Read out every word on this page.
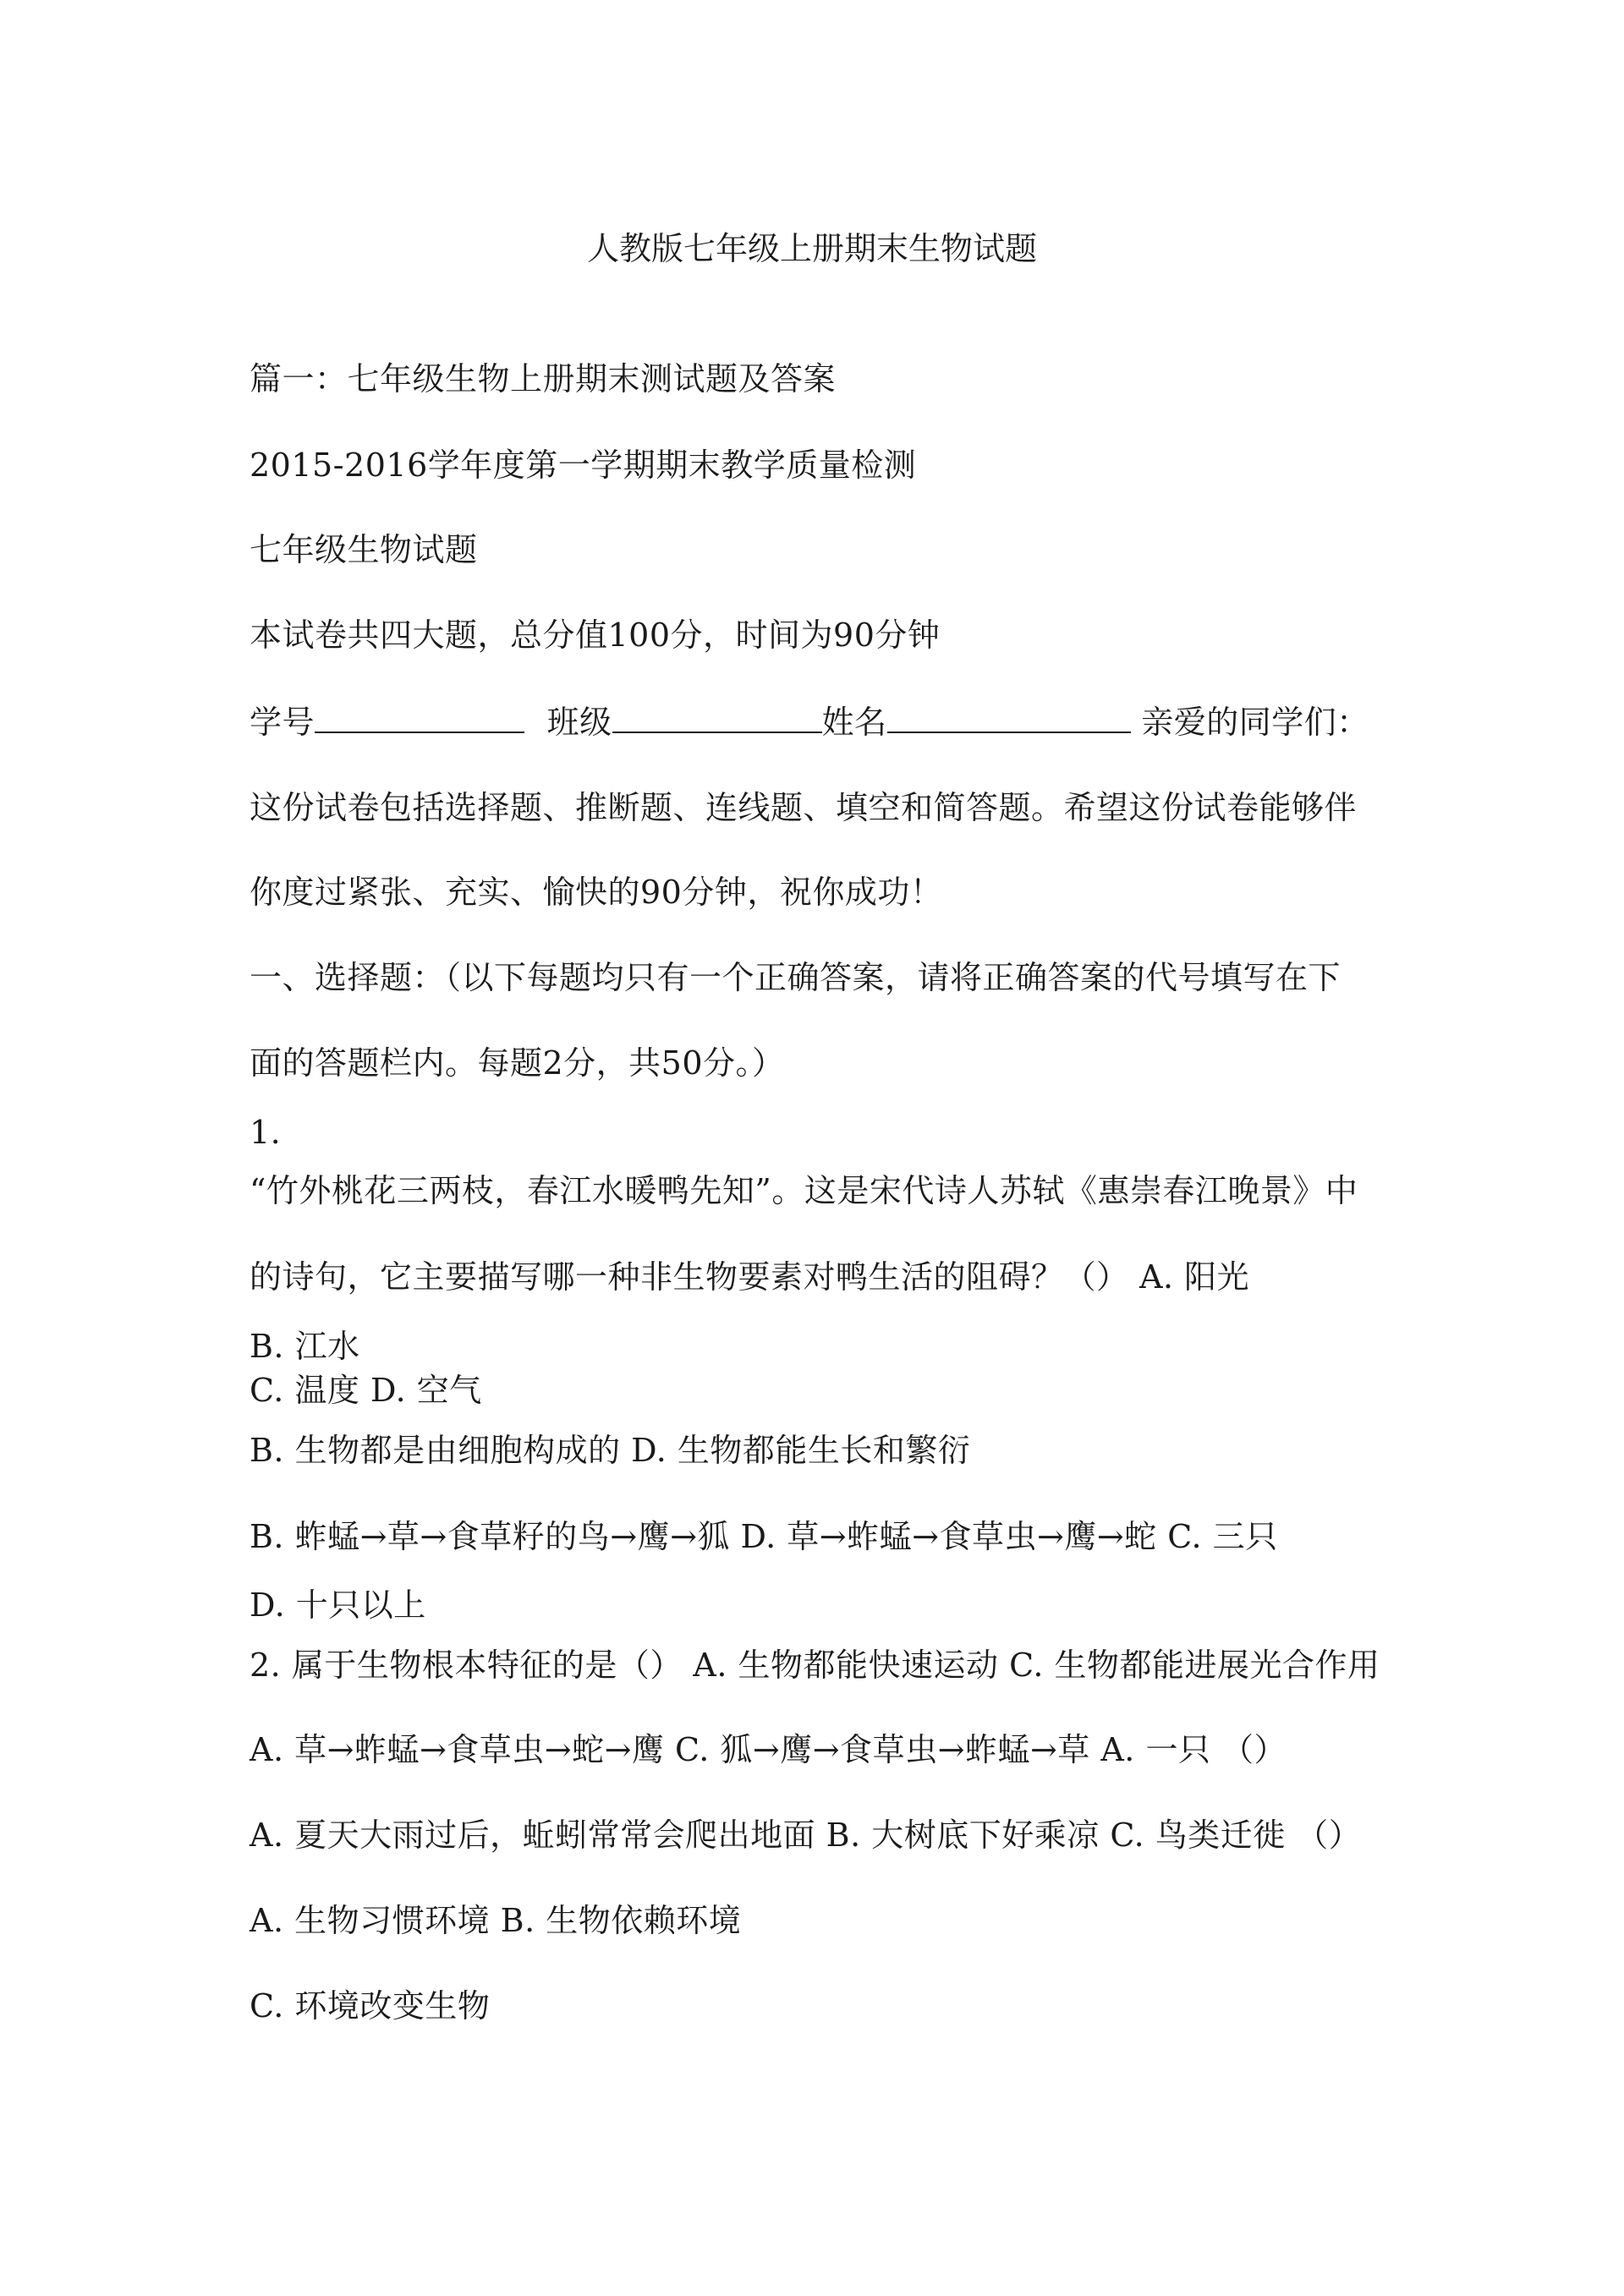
人教版七年级上册期末生物试题
篇一：七年级生物上册期末测试题及答案
2015-2016学年度第一学期期末教学质量检测
七年级生物试题
本试卷共四大题，总分值100分，时间为90分钟
学号	班级	姓名	亲爱的同学们：
这份试卷包括选择题、推断题、连线题、填空和简答题。希望这份试卷能够伴
你度过紧张、充实、愉快的90分钟，祝你成功！
一、选择题：（以下每题均只有一个正确答案，请将正确答案的代号填写在下
面的答题栏内。每题2分，共50分。）
1.
“竹外桃花三两枝，春江水暖鸭先知”。这是宋代诗人苏轼《惠崇春江晚景》中
的诗句，它主要描写哪一种非生物要素对鸭生活的阻碍？（） A. 阳光
B. 江水
C. 温度 D. 空气
B. 生物都是由细胞构成的 D. 生物都能生长和繁衍
B. 蚱蜢→草→食草籽的鸟→鹰→狐 D. 草→蚱蜢→食草虫→鹰→蛇 C. 三只
D. 十只以上
2. 属于生物根本特征的是（） A. 生物都能快速运动 C. 生物都能进展光合作用
A. 草→蚱蜢→食草虫→蛇→鹰 C. 狐→鹰→食草虫→蚱蜢→草 A. 一只 （）
A. 夏天大雨过后，蚯蚓常常会爬出地面 B. 大树底下好乘凉 C. 鸟类迁徙 （）
A. 生物习惯环境 B. 生物依赖环境
C. 环境改变生物
